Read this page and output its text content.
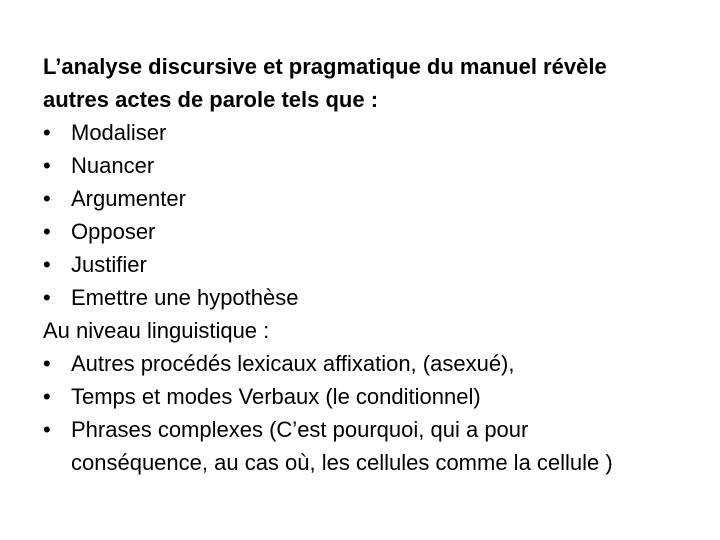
L’analyse discursive et pragmatique du manuel révèle
autres actes de parole tels que :
• Modaliser
• Nuancer
• Argumenter
• Opposer
• Justifier
• Emettre une hypothèse
Au niveau linguistique :
• Autres procédés lexicaux affixation, (asexué),
• Temps et modes Verbaux (le conditionnel)
• Phrases complexes (C’est pourquoi, qui a pour
conséquence, au cas où, les cellules comme la cellule )
